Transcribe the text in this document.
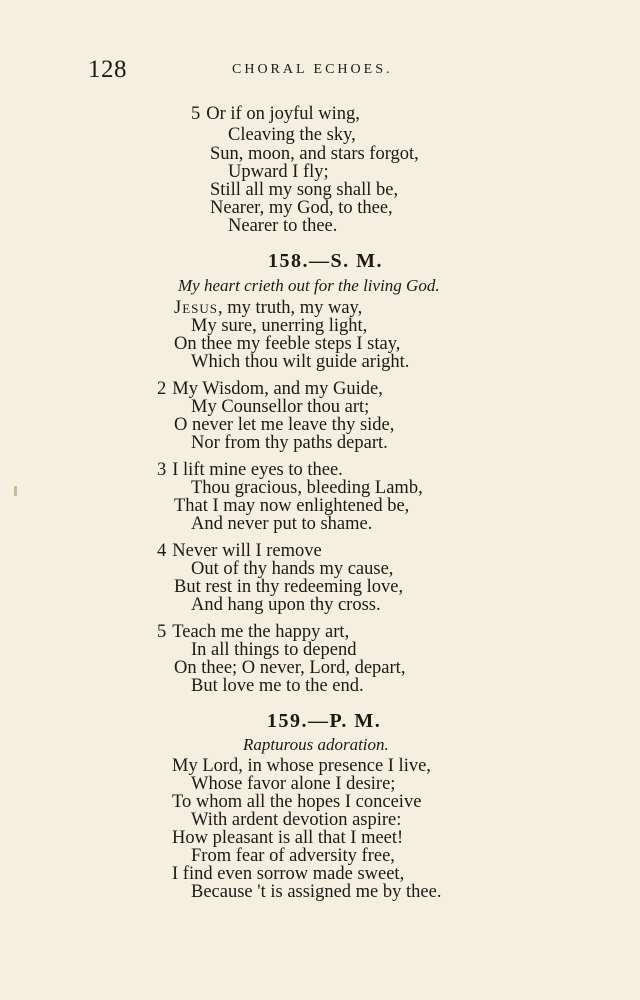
128	CHORAL ECHOES.
5 Or if on joyful wing,
Cleaving the sky,
Sun, moon, and stars forgot,
Upward I fly;
Still all my song shall be,
Nearer, my God, to thee,
Nearer to thee.
158.—S. M.
My heart crieth out for the living God.
Jesus, my truth, my way,
My sure, unerring light,
On thee my feeble steps I stay,
Which thou wilt guide aright.
2 My Wisdom, and my Guide,
My Counsellor thou art;
O never let me leave thy side,
Nor from thy paths depart.
3 I lift mine eyes to thee.
Thou gracious, bleeding Lamb,
That I may now enlightened be,
And never put to shame.
4 Never will I remove
Out of thy hands my cause,
But rest in thy redeeming love,
And hang upon thy cross.
5 Teach me the happy art,
In all things to depend
On thee; O never, Lord, depart,
But love me to the end.
159.—P. M.
Rapturous adoration.
My Lord, in whose presence I live,
Whose favor alone I desire;
To whom all the hopes I conceive
With ardent devotion aspire:
How pleasant is all that I meet!
From fear of adversity free,
I find even sorrow made sweet,
Because 't is assigned me by thee.
